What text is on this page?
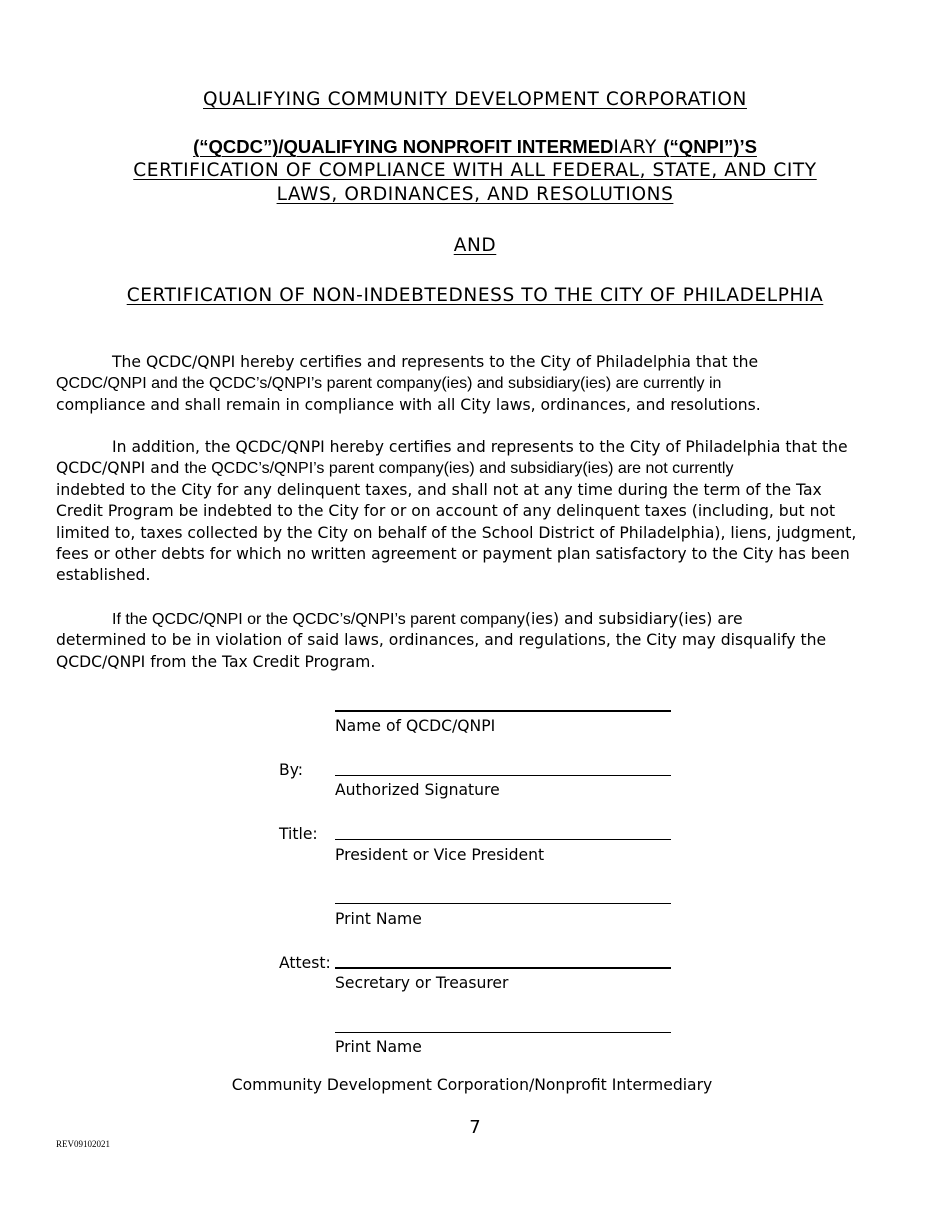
QUALIFYING COMMUNITY DEVELOPMENT CORPORATION
(“QCDC”)/QUALIFYING NONPROFIT INTERMEDIARY (“QNPI”)’S
CERTIFICATION OF COMPLIANCE WITH ALL FEDERAL, STATE, AND CITY
LAWS, ORDINANCES, AND RESOLUTIONS
AND
CERTIFICATION OF NON-INDEBTEDNESS TO THE CITY OF PHILADELPHIA
The QCDC/QNPI hereby certifies and represents to the City of Philadelphia that the
QCDC/QNPI and the QCDC’s/QNPI’s parent company(ies) and subsidiary(ies) are currently in
compliance and shall remain in compliance with all City laws, ordinances, and resolutions.
In addition, the QCDC/QNPI hereby certifies and represents to the City of Philadelphia that the
QCDC/QNPI and the QCDC’s/QNPI’s parent company(ies) and subsidiary(ies) are not currently
indebted to the City for any delinquent taxes, and shall not at any time during the term of the Tax
Credit Program be indebted to the City for or on account of any delinquent taxes (including, but not
limited to, taxes collected by the City on behalf of the School District of Philadelphia), liens, judgment,
fees or other debts for which no written agreement or payment plan satisfactory to the City has been
established.
If the QCDC/QNPI or the QCDC’s/QNPI’s parent company(ies) and subsidiary(ies) are
determined to be in violation of said laws, ordinances, and regulations, the City may disqualify the
QCDC/QNPI from the Tax Credit Program.
Name of QCDC/QNPI
By:
Authorized Signature
Title:
President or Vice President
Print Name
Attest:
Secretary or Treasurer
Print Name
Community Development Corporation/Nonprofit Intermediary
7
REV09102021
